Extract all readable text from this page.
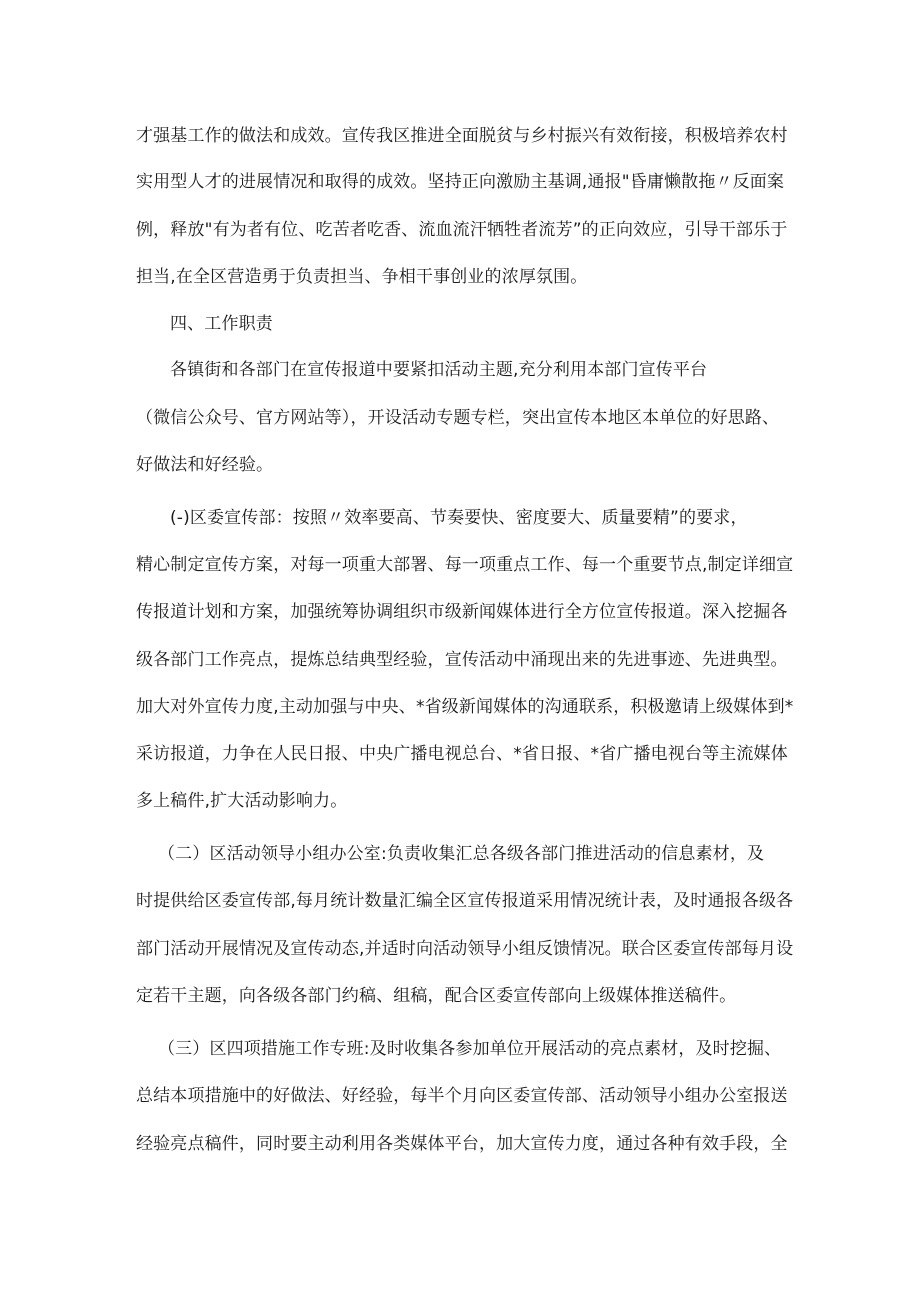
才强基工作的做法和成效。宣传我区推进全面脱贫与乡村振兴有效衔接，积极培养农村
实用型人才的进展情况和取得的成效。坚持正向激励主基调,通报"昏庸懒散拖〃反面案
例，释放"有为者有位、吃苦者吃香、流血流汗牺牲者流芳”的正向效应，引导干部乐于
担当,在全区营造勇于负责担当、争相干事创业的浓厚氛围。
四、工作职责
各镇街和各部门在宣传报道中要紧扣活动主题,充分利用本部门宣传平台
（微信公众号、官方网站等），开设活动专题专栏，突出宣传本地区本单位的好思路、
好做法和好经验。
(-)区委宣传部：按照〃效率要高、节奏要快、密度要大、质量要精”的要求，
精心制定宣传方案，对每一项重大部署、每一项重点工作、每一个重要节点,制定详细宣
传报道计划和方案，加强统筹协调组织市级新闻媒体进行全方位宣传报道。深入挖掘各
级各部门工作亮点，提炼总结典型经验，宣传活动中涌现出来的先进事迹、先进典型。
加大对外宣传力度,主动加强与中央、*省级新闻媒体的沟通联系，积极邀请上级媒体到*
采访报道，力争在人民日报、中央广播电视总台、*省日报、*省广播电视台等主流媒体
多上稿件,扩大活动影响力。
（二）区活动领导小组办公室:负责收集汇总各级各部门推进活动的信息素材，及
时提供给区委宣传部,每月统计数量汇编全区宣传报道采用情况统计表，及时通报各级各
部门活动开展情况及宣传动态,并适时向活动领导小组反馈情况。联合区委宣传部每月设
定若干主题，向各级各部门约稿、组稿，配合区委宣传部向上级媒体推送稿件。
（三）区四项措施工作专班:及时收集各参加单位开展活动的亮点素材，及时挖掘、
总结本项措施中的好做法、好经验，每半个月向区委宣传部、活动领导小组办公室报送
经验亮点稿件，同时要主动利用各类媒体平台，加大宣传力度，通过各种有效手段，全
